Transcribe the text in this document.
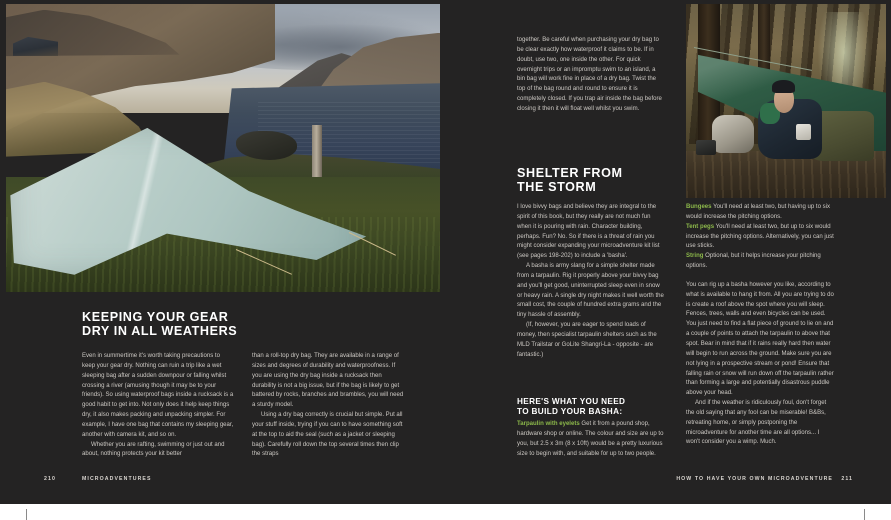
KEEPING YOUR GEAR
DRY IN ALL WEATHERS

Even in summertime it's worth taking precautions to keep your gear dry. Nothing can ruin a trip like a wet sleeping bag after a sudden downpour or falling whilst crossing a river (amusing though it may be to your friends). So using waterproof bags inside a rucksack is a good habit to get into. Not only does it help keep things dry, it also makes packing and unpacking simpler. For example, I have one bag that contains my sleeping gear, another with camera kit, and so on.

Whether you are rafting, swimming or just out and about, nothing protects your kit better

than a roll-top dry bag. They are available in a range of sizes and degrees of durability and waterproofness. If you are using the dry bag inside a rucksack then durability is not a big issue, but if the bag is likely to get battered by rocks, branches and brambles, you will need a sturdy model.

Using a dry bag correctly is crucial but simple. Put all your stuff inside, trying if you can to have something soft at the top to aid the seal (such as a jacket or sleeping bag). Carefully roll down the top several times then clip the straps

210	MICROADVENTURES

together. Be careful when purchasing your dry bag to be clear exactly how waterproof it claims to be. If in doubt, use two, one inside the other. For quick overnight trips or an impromptu swim to an island, a bin bag will work fine in place of a dry bag. Twist the top of the bag round and round to ensure it is completely closed. If you trap air inside the bag before closing it then it will float well whilst you swim.

SHELTER FROM
THE STORM

I love bivvy bags and believe they are integral to the spirit of this book, but they really are not much fun when it is pouring with rain. Character building, perhaps. Fun? No. So if there is a threat of rain you might consider expanding your microadventure kit list (see pages 198-202) to include a 'basha'.

A basha is army slang for a simple shelter made from a tarpaulin. Rig it properly above your bivvy bag and you'll get good, uninterrupted sleep even in snow or heavy rain. A single dry night makes it well worth the small cost, the couple of hundred extra grams and the tiny hassle of assembly.

(If, however, you are eager to spend loads of money, then specialist tarpaulin shelters such as the MLD Trailstar or GoLite Shangri-La - opposite - are fantastic.)

HERE'S WHAT YOU NEED
TO BUILD YOUR BASHA:

Tarpaulin with eyelets Get it from a pound shop, hardware shop or online. The colour and size are up to you, but 2.5 x 3m (8 x 10ft) would be a pretty luxurious size to begin with, and suitable for up to two people.

Bungees You'll need at least two, but having up to six would increase the pitching options.

Tent pegs You'll need at least two, but up to six would increase the pitching options. Alternatively, you can just use sticks.

String Optional, but it helps increase your pitching options.

You can rig up a basha however you like, according to what is available to hang it from. All you are trying to do is create a roof above the spot where you will sleep. Fences, trees, walls and even bicycles can be used. You just need to find a flat piece of ground to lie on and a couple of points to attach the tarpaulin to above that spot. Bear in mind that if it rains really hard then water will begin to run across the ground. Make sure you are not lying in a prospective stream or pond! Ensure that falling rain or snow will run down off the tarpaulin rather than forming a large and potentially disastrous puddle above your head.

And if the weather is ridiculously foul, don't forget the old saying that any fool can be miserable! B&Bs, retreating home, or simply postponing the microadventure for another time are all options... I won't consider you a wimp. Much.

HOW TO HAVE YOUR OWN MICROADVENTURE 211
